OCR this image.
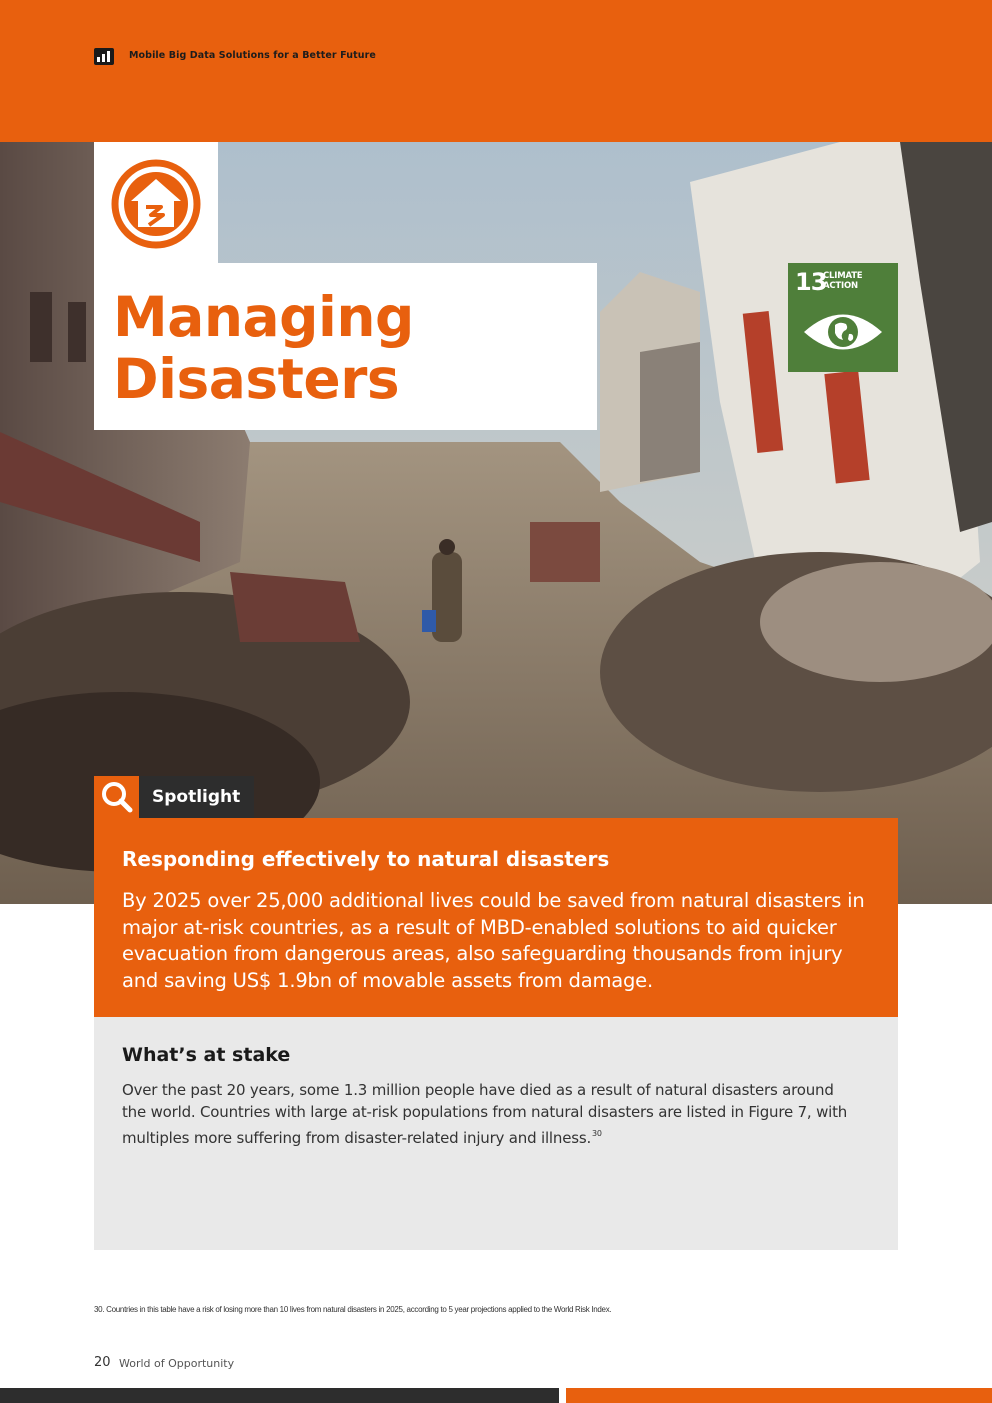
Mobile Big Data Solutions for a Better Future
Managing
Disasters
13
CLIMATE
ACTION
Spotlight
Responding effectively to natural disasters

By 2025 over 25,000 additional lives could be saved from natural disasters in major at-risk countries, as a result of MBD-enabled solutions to aid quicker evacuation from dangerous areas, also safeguarding thousands from injury and saving US$ 1.9bn of movable assets from damage.

What’s at stake

Over the past 20 years, some 1.3 million people have died as a result of natural disasters around the world. Countries with large at-risk populations from natural disasters are listed in Figure 7, with multiples more suffering from disaster-related injury and illness.$^{30}$

30. Countries in this table have a risk of losing more than 10 lives from natural disasters in 2025, according to 5 year projections applied to the World Risk Index.
20 World of Opportunity
